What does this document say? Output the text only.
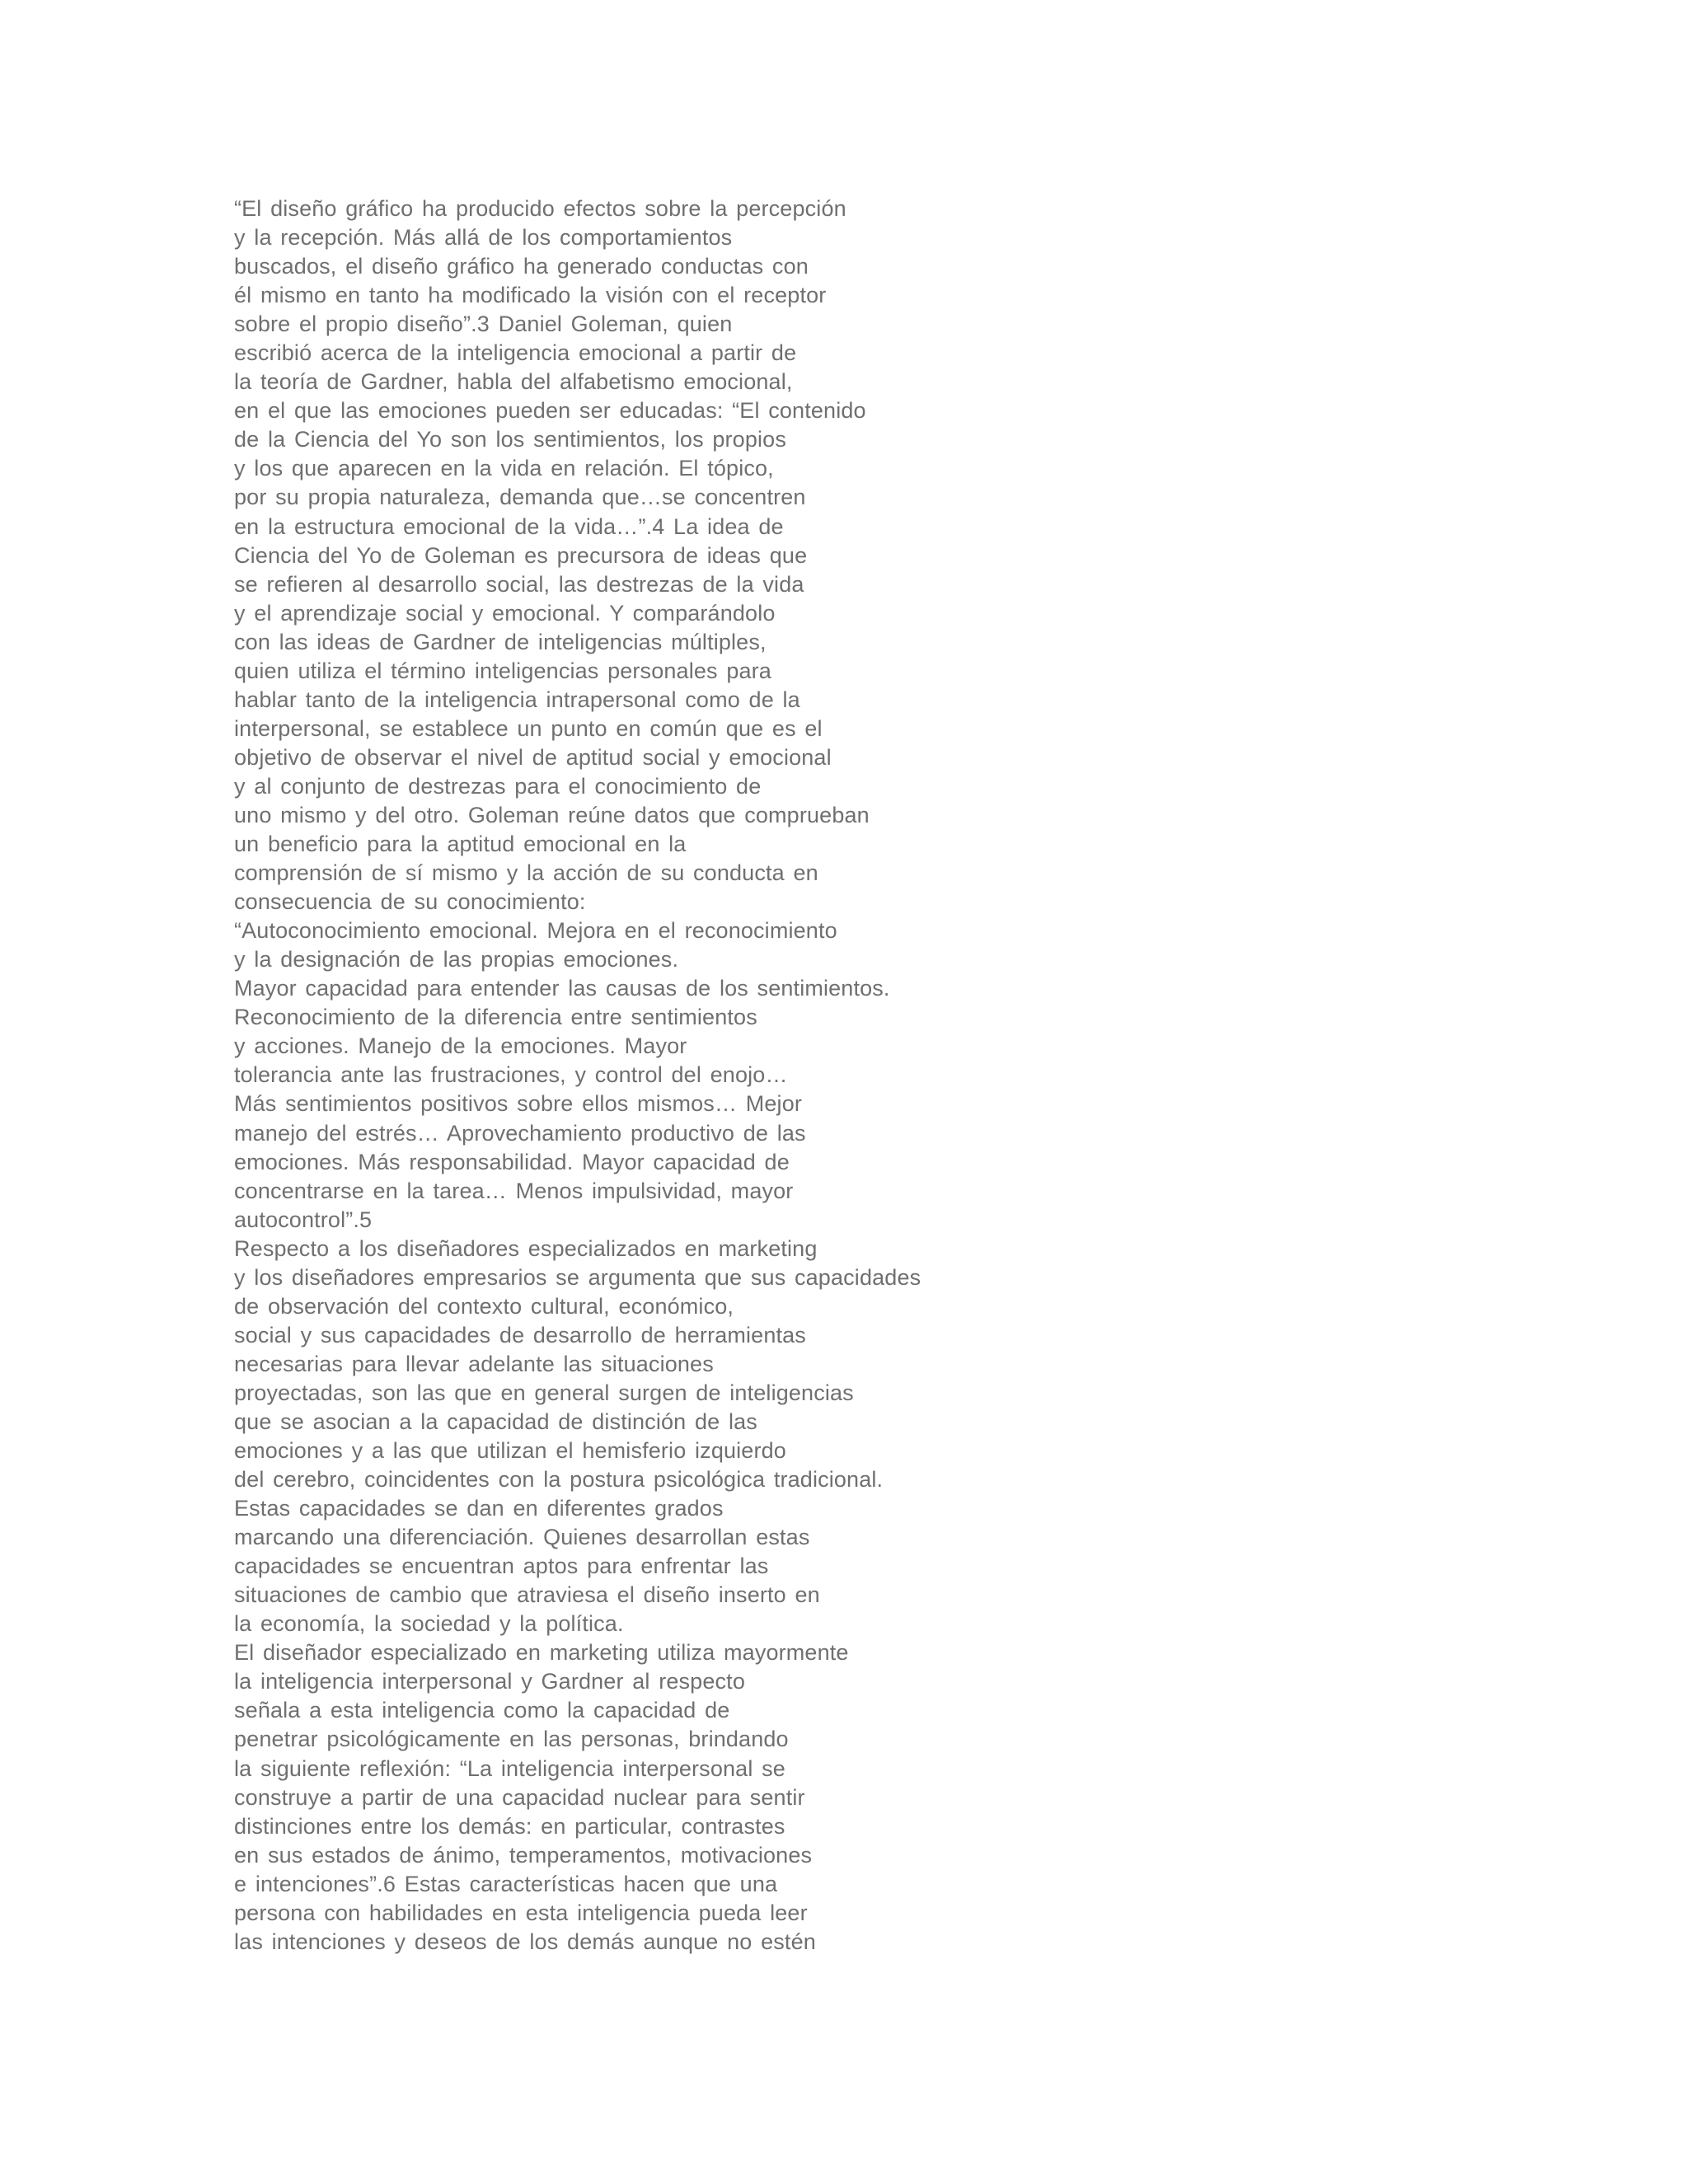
“El diseño gráfico ha producido efectos sobre la percepción
y la recepción. Más allá de los comportamientos
buscados, el diseño gráfico ha generado conductas con
él mismo en tanto ha modificado la visión con el receptor
sobre el propio diseño”.3 Daniel Goleman, quien
escribió acerca de la inteligencia emocional a partir de
la teoría de Gardner, habla del alfabetismo emocional,
en el que las emociones pueden ser educadas: “El contenido
de la Ciencia del Yo son los sentimientos, los propios
y los que aparecen en la vida en relación. El tópico,
por su propia naturaleza, demanda que…se concentren
en la estructura emocional de la vida…”.4 La idea de
Ciencia del Yo de Goleman es precursora de ideas que
se refieren al desarrollo social, las destrezas de la vida
y el aprendizaje social y emocional. Y comparándolo
con las ideas de Gardner de inteligencias múltiples,
quien utiliza el término inteligencias personales para
hablar tanto de la inteligencia intrapersonal como de la
interpersonal, se establece un punto en común que es el
objetivo de observar el nivel de aptitud social y emocional
y al conjunto de destrezas para el conocimiento de
uno mismo y del otro. Goleman reúne datos que comprueban
un beneficio para la aptitud emocional en la
comprensión de sí mismo y la acción de su conducta en
consecuencia de su conocimiento:
“Autoconocimiento emocional. Mejora en el reconocimiento
y la designación de las propias emociones.
Mayor capacidad para entender las causas de los sentimientos.
Reconocimiento de la diferencia entre sentimientos
y acciones. Manejo de la emociones. Mayor
tolerancia ante las frustraciones, y control del enojo…
Más sentimientos positivos sobre ellos mismos… Mejor
manejo del estrés… Aprovechamiento productivo de las
emociones. Más responsabilidad. Mayor capacidad de
concentrarse en la tarea… Menos impulsividad, mayor
autocontrol”.5
Respecto a los diseñadores especializados en marketing
y los diseñadores empresarios se argumenta que sus capacidades
de observación del contexto cultural, económico,
social y sus capacidades de desarrollo de herramientas
necesarias para llevar adelante las situaciones
proyectadas, son las que en general surgen de inteligencias
que se asocian a la capacidad de distinción de las
emociones y a las que utilizan el hemisferio izquierdo
del cerebro, coincidentes con la postura psicológica tradicional.
Estas capacidades se dan en diferentes grados
marcando una diferenciación. Quienes desarrollan estas
capacidades se encuentran aptos para enfrentar las
situaciones de cambio que atraviesa el diseño inserto en
la economía, la sociedad y la política.
El diseñador especializado en marketing utiliza mayormente
la inteligencia interpersonal y Gardner al respecto
señala a esta inteligencia como la capacidad de
penetrar psicológicamente en las personas, brindando
la siguiente reflexión: “La inteligencia interpersonal se
construye a partir de una capacidad nuclear para sentir
distinciones entre los demás: en particular, contrastes
en sus estados de ánimo, temperamentos, motivaciones
e intenciones”.6 Estas características hacen que una
persona con habilidades en esta inteligencia pueda leer
las intenciones y deseos de los demás aunque no estén
